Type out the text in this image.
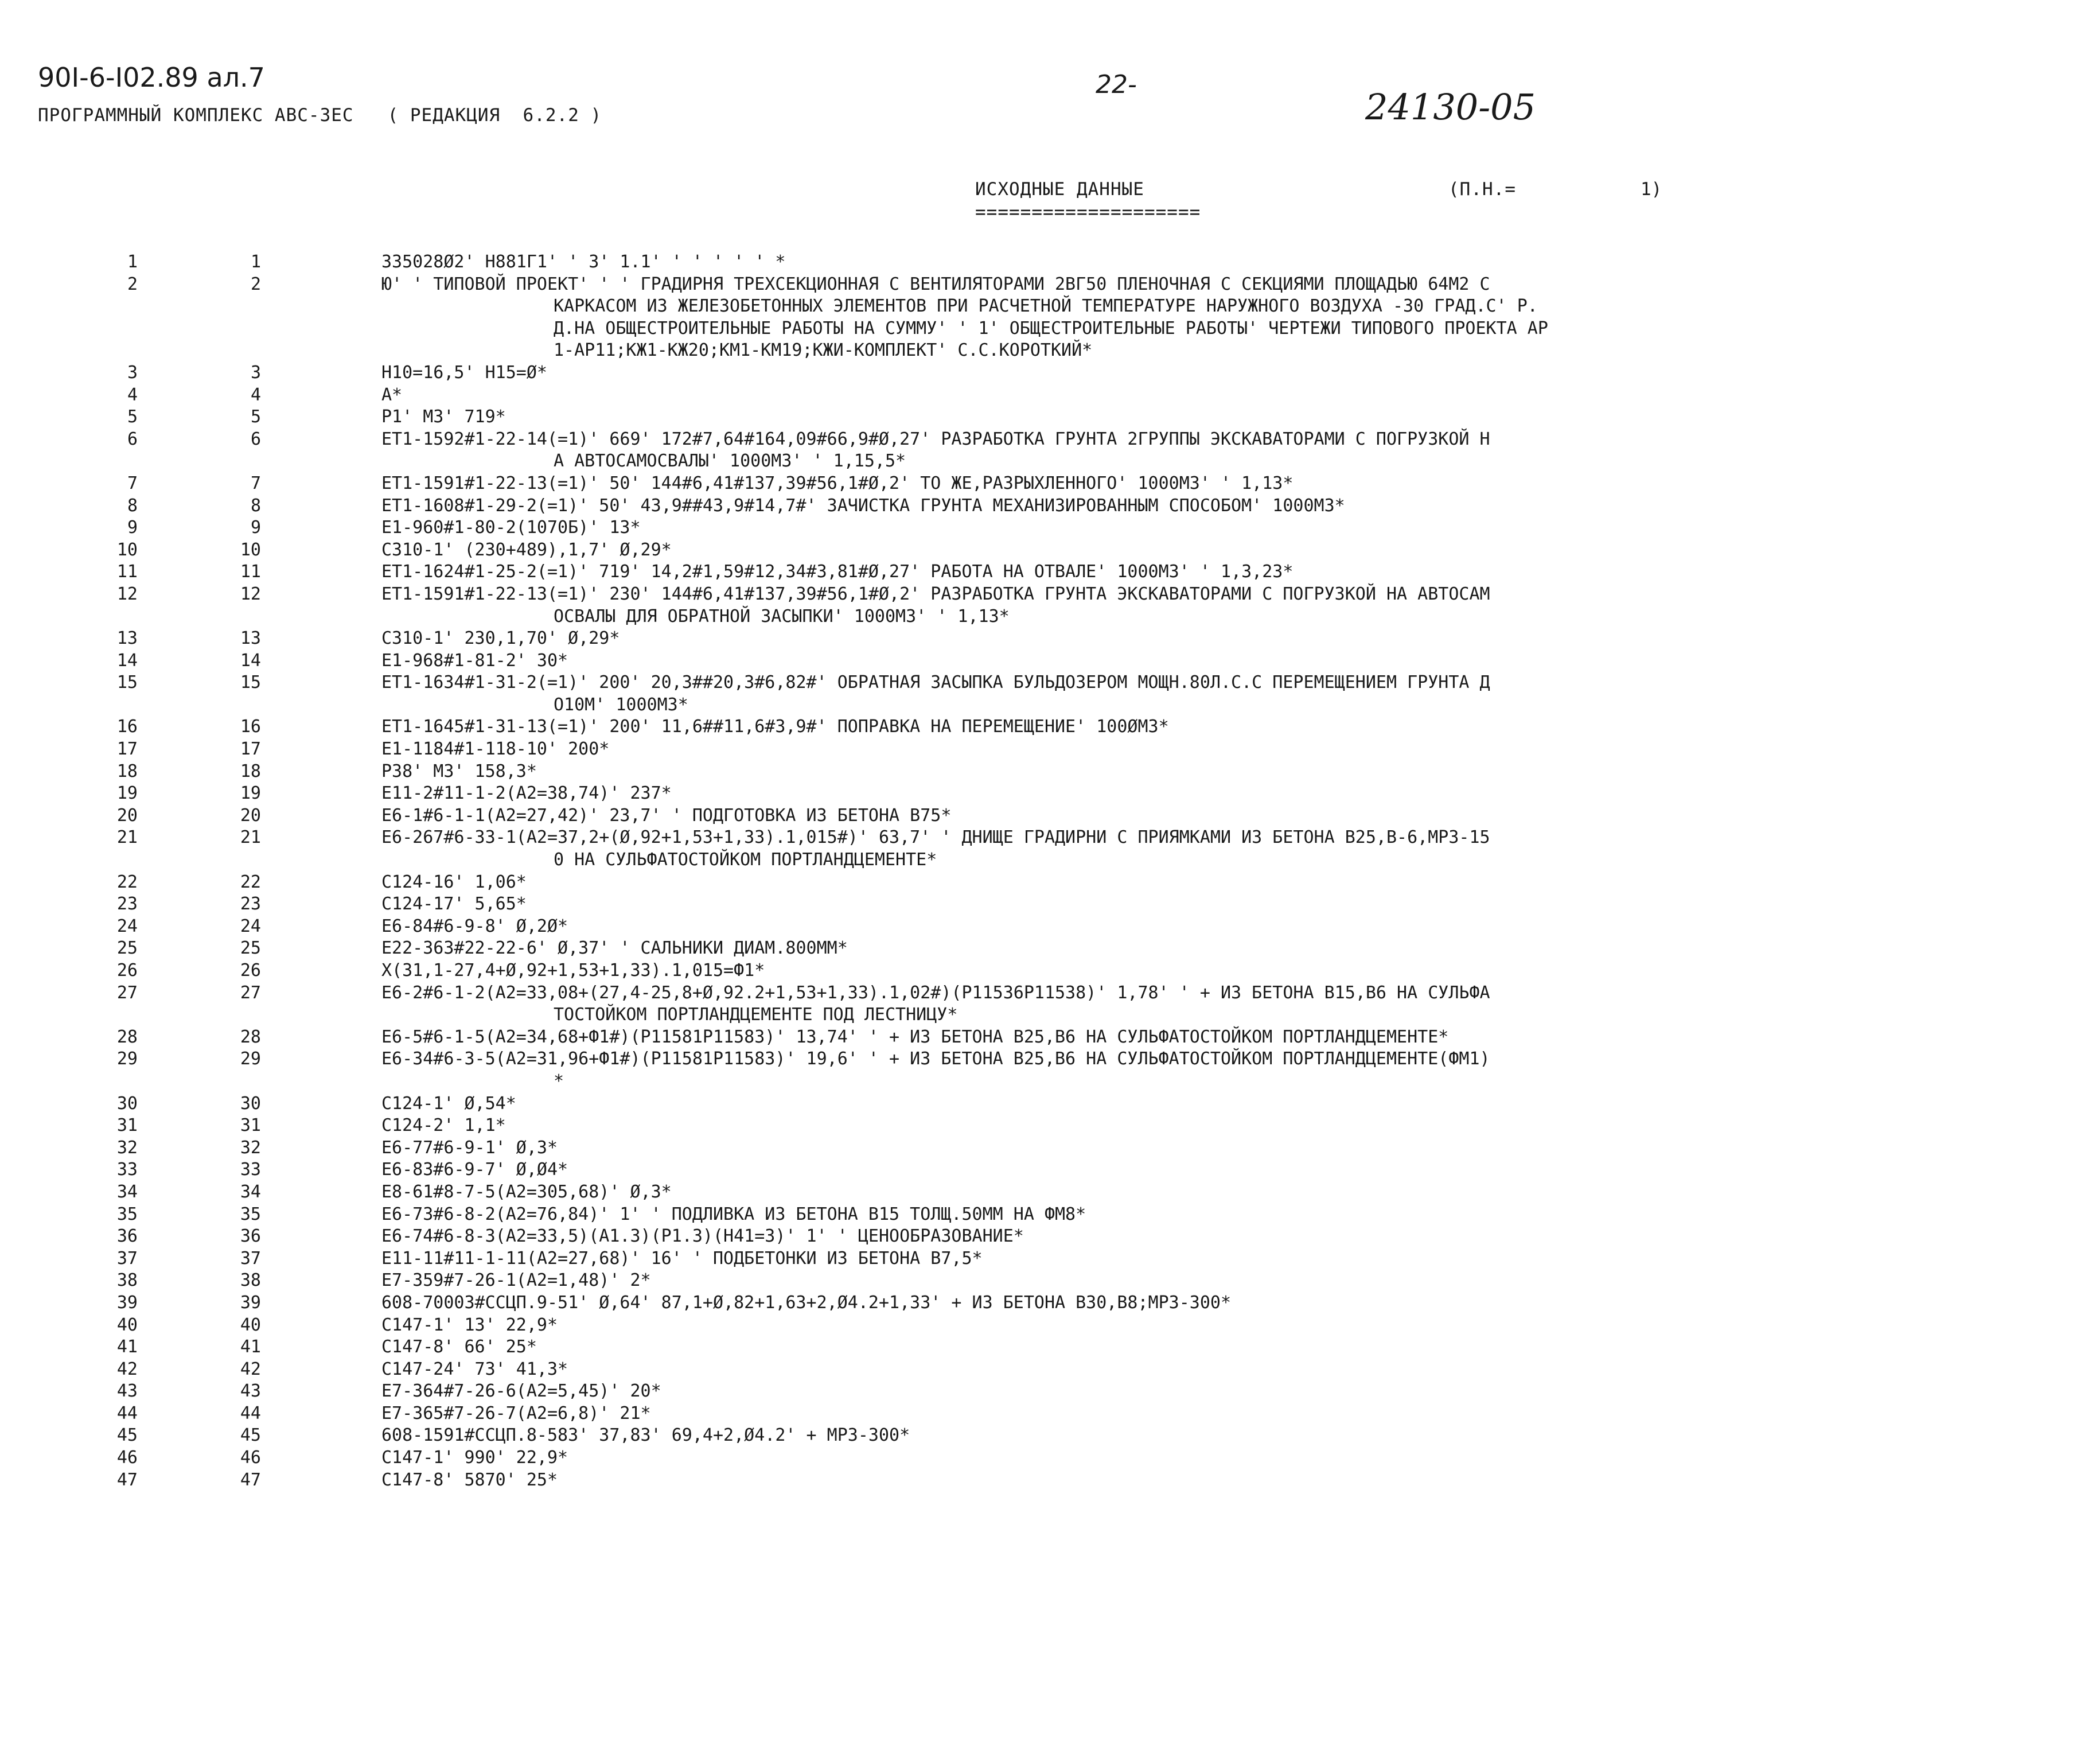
90I-6-I02.89 ал.7	22-
24130-05
ПРОГРАММНЫЙ КОМПЛЕКС АВС-ЗЕС   ( РЕДАКЦИЯ  6.2.2 )
ИСХОДНЫЕ ДАННЫЕ
====================
(П.Н.=	1)
1	1	335028Ø2' Н881Г1' ' 3' 1.1' ' ' ' ' ' *
2	2	Ю' ' ТИПОВОЙ ПРОЕКТ' ' ' ГРАДИРНЯ ТРЕХСЕКЦИОННАЯ С ВЕНТИЛЯТОРАМИ 2ВГ50 ПЛЕНОЧНАЯ С СЕКЦИЯМИ ПЛОЩАДЬЮ 64М2 С
КАРКАСОМ ИЗ ЖЕЛЕЗОБЕТОННЫХ ЭЛЕМЕНТОВ ПРИ РАСЧЕТНОЙ ТЕМПЕРАТУРЕ НАРУЖНОГО ВОЗДУХА -30 ГРАД.С' Р.
Д.НА ОБЩЕСТРОИТЕЛЬНЫЕ РАБОТЫ НА СУММУ' ' 1' ОБЩЕСТРОИТЕЛЬНЫЕ РАБОТЫ' ЧЕРТЕЖИ ТИПОВОГО ПРОЕКТА АР
1-АР11;КЖ1-КЖ20;КМ1-КМ19;КЖИ-КОМПЛЕКТ' С.С.КОРОТКИЙ*
3	3	Н10=16,5' Н15=Ø*
4	4	А*
5	5	Р1' М3' 719*
6	6	ЕТ1-1592#1-22-14(=1)' 669' 172#7,64#164,09#66,9#Ø,27' РАЗРАБОТКА ГРУНТА 2ГРУППЫ ЭКСКАВАТОРАМИ С ПОГРУЗКОЙ Н
А АВТОСАМОСВАЛЫ' 1000М3' ' 1,15,5*
7	7	ЕТ1-1591#1-22-13(=1)' 50' 144#6,41#137,39#56,1#Ø,2' ТО ЖЕ,РАЗРЫХЛЕННОГО' 1000М3' ' 1,13*
8	8	ЕТ1-1608#1-29-2(=1)' 50' 43,9##43,9#14,7#' ЗАЧИСТКА ГРУНТА МЕХАНИЗИРОВАННЫМ СПОСОБОМ' 1000М3*
9	9	Е1-960#1-80-2(1070Б)' 13*
10	10	С310-1' (230+489),1,7' Ø,29*
11	11	ЕТ1-1624#1-25-2(=1)' 719' 14,2#1,59#12,34#3,81#Ø,27' РАБОТА НА ОТВАЛЕ' 1000М3' ' 1,3,23*
12	12	ЕТ1-1591#1-22-13(=1)' 230' 144#6,41#137,39#56,1#Ø,2' РАЗРАБОТКА ГРУНТА ЭКСКАВАТОРАМИ С ПОГРУЗКОЙ НА АВТОСАМ
ОСВАЛЫ ДЛЯ ОБРАТНОЙ ЗАСЫПКИ' 1000М3' ' 1,13*
13	13	С310-1' 230,1,70' Ø,29*
14	14	Е1-968#1-81-2' 30*
15	15	ЕТ1-1634#1-31-2(=1)' 200' 20,3##20,3#6,82#' ОБРАТНАЯ ЗАСЫПКА БУЛЬДОЗЕРОМ МОЩН.80Л.С.С ПЕРЕМЕЩЕНИЕМ ГРУНТА Д
О10М' 1000М3*
16	16	ЕТ1-1645#1-31-13(=1)' 200' 11,6##11,6#3,9#' ПОПРАВКА НА ПЕРЕМЕЩЕНИЕ' 100ØМ3*
17	17	Е1-1184#1-118-10' 200*
18	18	Р38' М3' 158,3*
19	19	Е11-2#11-1-2(А2=38,74)' 237*
20	20	Е6-1#6-1-1(А2=27,42)' 23,7' ' ПОДГОТОВКА ИЗ БЕТОНА В75*
21	21	Е6-267#6-33-1(А2=37,2+(Ø,92+1,53+1,33).1,015#)' 63,7' ' ДНИЩЕ ГРАДИРНИ С ПРИЯМКАМИ ИЗ БЕТОНА В25,В-6,МРЗ-15
0 НА СУЛЬФАТОСТОЙКОМ ПОРТЛАНДЦЕМЕНТЕ*
22	22	С124-16' 1,06*
23	23	С124-17' 5,65*
24	24	Е6-84#6-9-8' Ø,2Ø*
25	25	Е22-363#22-22-6' Ø,37' ' САЛЬНИКИ ДИАМ.800ММ*
26	26	Х(31,1-27,4+Ø,92+1,53+1,33).1,015=Ф1*
27	27	Е6-2#6-1-2(А2=33,08+(27,4-25,8+Ø,92.2+1,53+1,33).1,02#)(Р11536Р11538)' 1,78' ' + ИЗ БЕТОНА В15,В6 НА СУЛЬФА
ТОСТОЙКОМ ПОРТЛАНДЦЕМЕНТЕ ПОД ЛЕСТНИЦУ*
28	28	Е6-5#6-1-5(А2=34,68+Ф1#)(Р11581Р11583)' 13,74' ' + ИЗ БЕТОНА В25,В6 НА СУЛЬФАТОСТОЙКОМ ПОРТЛАНДЦЕМЕНТЕ*
29	29	Е6-34#6-3-5(А2=31,96+Ф1#)(Р11581Р11583)' 19,6' ' + ИЗ БЕТОНА В25,В6 НА СУЛЬФАТОСТОЙКОМ ПОРТЛАНДЦЕМЕНТЕ(ФМ1)
*
30	30	С124-1' Ø,54*
31	31	С124-2' 1,1*
32	32	Е6-77#6-9-1' Ø,3*
33	33	Е6-83#6-9-7' Ø,Ø4*
34	34	Е8-61#8-7-5(А2=305,68)' Ø,3*
35	35	Е6-73#6-8-2(А2=76,84)' 1' ' ПОДЛИВКА ИЗ БЕТОНА В15 ТОЛЩ.50ММ НА ФМ8*
36	36	Е6-74#6-8-3(А2=33,5)(А1.3)(Р1.3)(Н41=3)' 1' ' ЦЕНООБРАЗОВАНИЕ*
37	37	Е11-11#11-1-11(А2=27,68)' 16' ' ПОДБЕТОНКИ ИЗ БЕТОНА В7,5*
38	38	Е7-359#7-26-1(А2=1,48)' 2*
39	39	608-70003#ССЦП.9-51' Ø,64' 87,1+Ø,82+1,63+2,Ø4.2+1,33' + ИЗ БЕТОНА В30,В8;МРЗ-300*
40	40	С147-1' 13' 22,9*
41	41	С147-8' 66' 25*
42	42	С147-24' 73' 41,3*
43	43	Е7-364#7-26-6(А2=5,45)' 20*
44	44	Е7-365#7-26-7(А2=6,8)' 21*
45	45	608-1591#ССЦП.8-583' 37,83' 69,4+2,Ø4.2' + МРЗ-300*
46	46	С147-1' 990' 22,9*
47	47	С147-8' 5870' 25*
